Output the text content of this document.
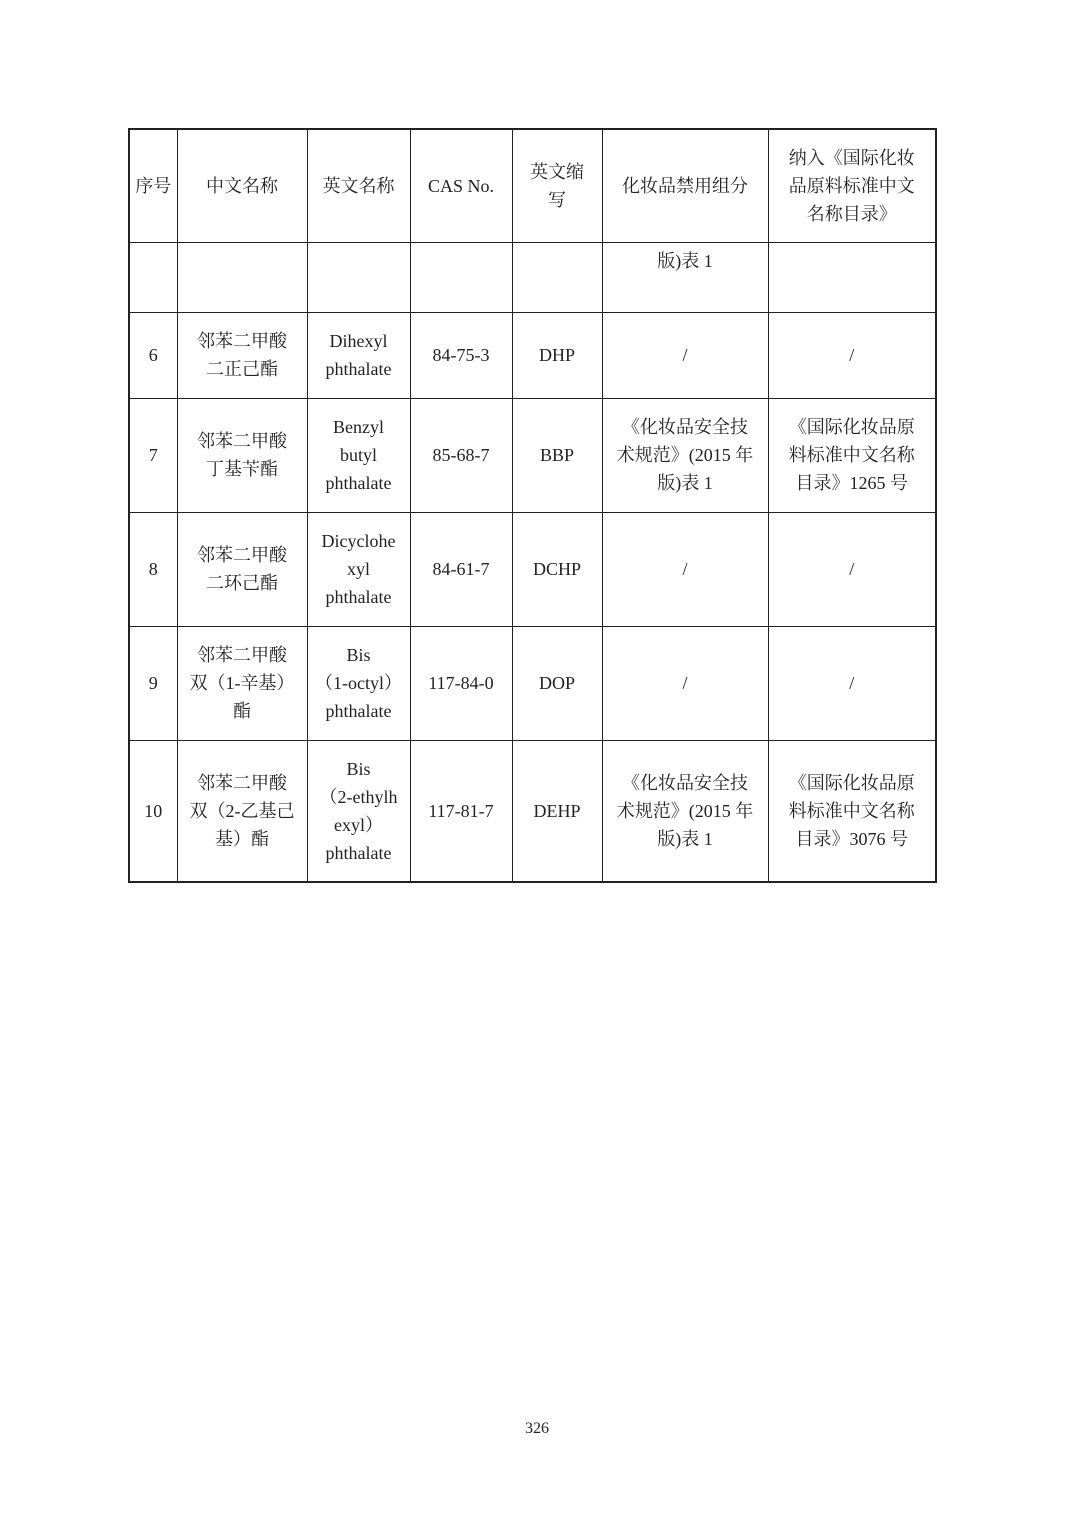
序号	中文名称	英文名称	CAS No.	英文缩
写	化妆品禁用组分	纳入《国际化妆
品原料标准中文
名称目录》
					版)表 1	
6	邻苯二甲酸
二正己酯	Dihexyl
phthalate	84-75-3	DHP	/	/
7	邻苯二甲酸
丁基苄酯	Benzyl
butyl
phthalate	85-68-7	BBP	《化妆品安全技
术规范》(2015 年
版)表 1	《国际化妆品原
料标准中文名称
目录》1265 号
8	邻苯二甲酸
二环己酯	Dicyclohe
xyl
phthalate	84-61-7	DCHP	/	/
9	邻苯二甲酸
双（1-辛基）
酯	Bis
（1-octyl）
phthalate	117-84-0	DOP	/	/
10	邻苯二甲酸
双（2-乙基己
基）酯	Bis
（2-ethylh
exyl）
phthalate	117-81-7	DEHP	《化妆品安全技
术规范》(2015 年
版)表 1	《国际化妆品原
料标准中文名称
目录》3076 号
326
